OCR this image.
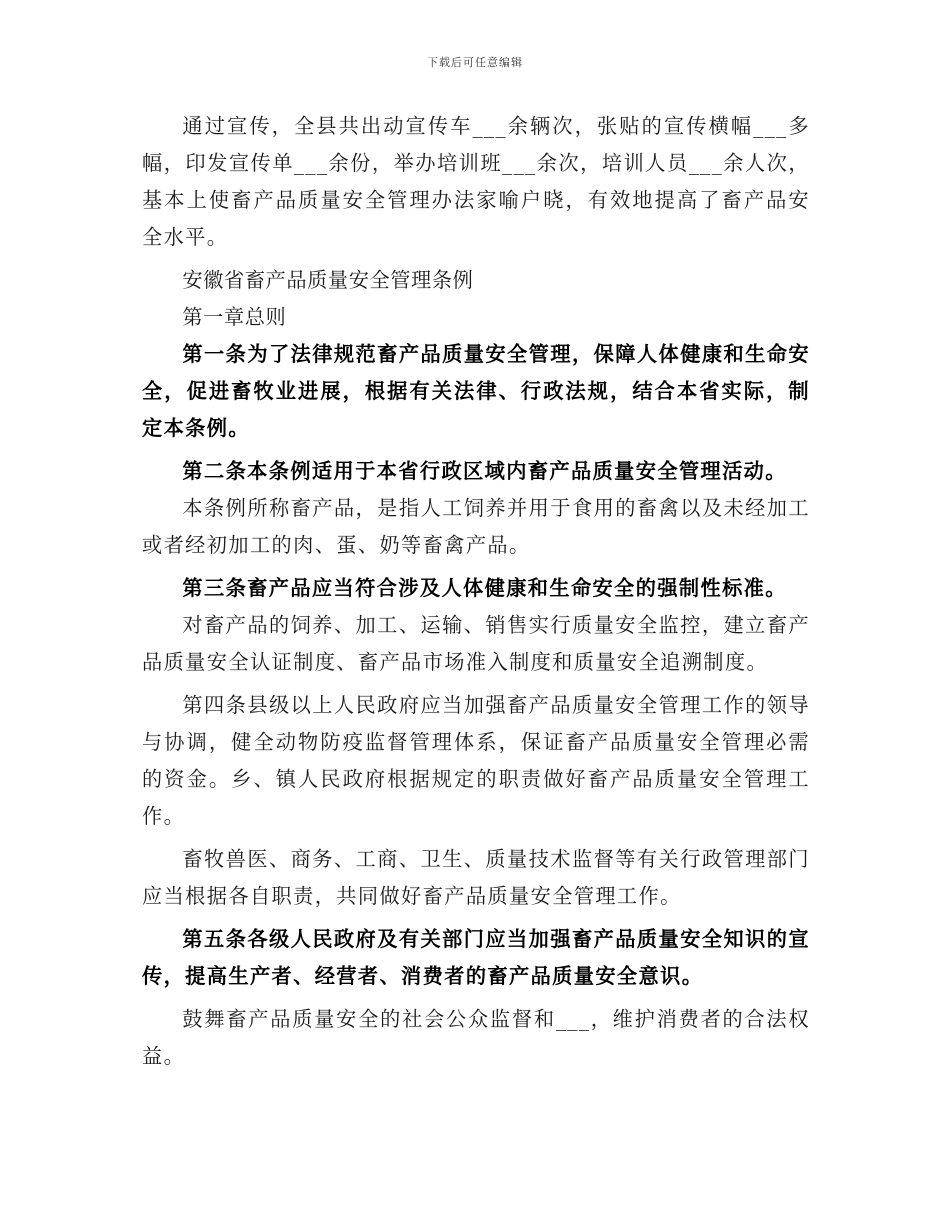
下载后可任意编辑

通过宣传，全县共出动宣传车___余辆次，张贴的宣传横幅___多幅，印发宣传单___余份，举办培训班___余次，培训人员___余人次，基本上使畜产品质量安全管理办法家喻户晓，有效地提高了畜产品安全水平。

安徽省畜产品质量安全管理条例

第一章总则

第一条为了法律规范畜产品质量安全管理，保障人体健康和生命安全，促进畜牧业进展，根据有关法律、行政法规，结合本省实际，制定本条例。

第二条本条例适用于本省行政区域内畜产品质量安全管理活动。

本条例所称畜产品，是指人工饲养并用于食用的畜禽以及未经加工或者经初加工的肉、蛋、奶等畜禽产品。

第三条畜产品应当符合涉及人体健康和生命安全的强制性标准。

对畜产品的饲养、加工、运输、销售实行质量安全监控，建立畜产品质量安全认证制度、畜产品市场准入制度和质量安全追溯制度。

第四条县级以上人民政府应当加强畜产品质量安全管理工作的领导与协调，健全动物防疫监督管理体系，保证畜产品质量安全管理必需的资金。乡、镇人民政府根据规定的职责做好畜产品质量安全管理工作。

畜牧兽医、商务、工商、卫生、质量技术监督等有关行政管理部门应当根据各自职责，共同做好畜产品质量安全管理工作。

第五条各级人民政府及有关部门应当加强畜产品质量安全知识的宣传，提高生产者、经营者、消费者的畜产品质量安全意识。

鼓舞畜产品质量安全的社会公众监督和___，维护消费者的合法权益。
